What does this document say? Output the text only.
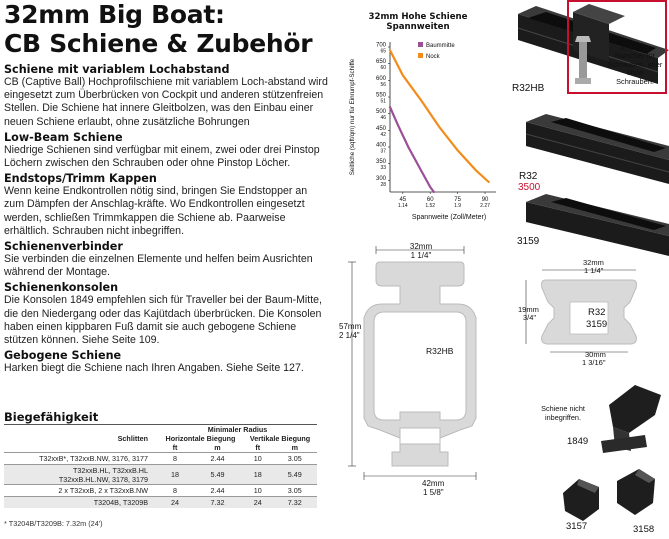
32mm Big Boat:
CB Schiene & Zubehör
Schiene mit variablem Lochabstand

CB (Captive Ball) Hochprofilschiene mit variablem Loch-abstand wird eingesetzt zum Überbrücken von Cockpit und anderen stützenfreien Stellen. Die Schiene hat innere Gleitbolzen, was den Einbau einer neuen Schiene erlaubt, ohne zusätzliche Bohrungen

Low-Beam Schiene

Niedrige Schienen sind verfügbar mit einem, zwei oder drei Pinstop Löchern zwischen den Schrauben oder ohne Pinstop Löcher.

Endstops/Trimm Kappen

Wenn keine Endkontrollen nötig sind, bringen Sie Endstopper an zum Dämpfen der Anschlag-kräfte. Wo Endkontrollen eingesetzt werden, schließen Trimmkappen die Schiene ab. Paarweise erhältlich. Schrauben nicht inbegriffen.

Schienenverbinder

Sie verbinden die einzelnen Elemente und helfen beim Ausrichten während der Montage.

Schienenkonsolen

Die Konsolen 1849 empfehlen sich für Traveller bei der Baum-Mitte, die den Niedergang oder das Kajütdach überbrücken. Die Konsolen haben einen kippbaren Fuß damit sie auch gebogene Schiene stützen können. Siehe Seite 109.

Gebogene Schiene

Harken biegt die Schiene nach Ihren Angaben. Siehe Seite 127.

Biegefähigkeit
	Minimaler Radius			
Schlitten	Horizontale Biegung		Vertikale Biegung	
	ft	m	ft	m
T32xxB*, T32xxB.NW, 3176, 3177	8	2.44	10	3.05
T32xxB.HL, T32xxB.HL
T32xxB.HL.NW, 3178, 3179	18	5.49	18	5.49
2 x T32xxB, 2 x T32xxB.NW	8	2.44	10	3.05
T3204B, T3209B	24	7.32	24	7.32
* T3204B/T3209B: 7.32m (24')
32mm Hohe Schiene Spannweiten
700
65
650
60
600
56
550
51
500
46
450
42
400
37
350
33
300
28
45
1.14
60
1.52
75
1.9
90
2.27
Spannweite (Zoll/Meter)
Seitliche (sqft/qm) nur für Einrumpf-Schiffe
Baummitte
Nock
Inklusive Rutscher für Schrauben, aber ohne Schrauben.
R32HB
R32
3500
3159
32mm
1 1/4"
57mm
2 1/4"
R32HB
42mm
1 5/8"
32mm
1 1/4"
19mm
3/4"	R32
3159
30mm
1 3/16"
Schiene nicht inbegriffen.
1849
3157	3158
